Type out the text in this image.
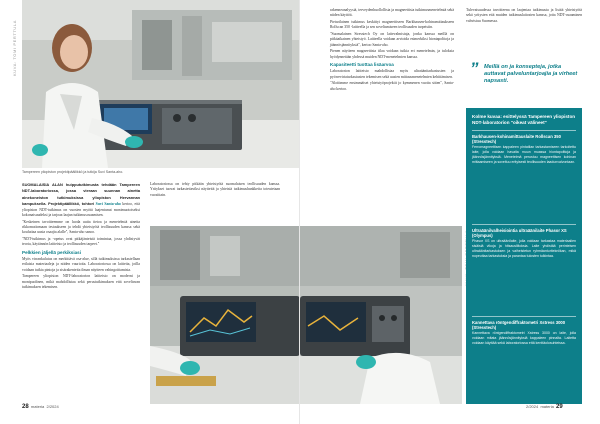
KUVA: TOMI PERTTULA
Tampereen yliopiston projektipäällikkö ja tutkija Suvi Santa-aho.

SUOMALAISIA ALAN huippututkimusta tehdään Tampereen NDT-laboratoriossa, jossa vieraan suunnan ainetta ainekoneiston tutkimuksissa yliopiston Hervannan kampuksella. Projektipäällikkö, tohtori Suvi Santa-aho kertoo, että yliopiston NDT-tutkimus on vuosien myötä laajentunut monimuotoiseksi kokonaisuudeksi ja tarjoaa laajan tutkimusosaamisen.

"Keskeinen tavoitteemme on luoda uutta tietoa ja menetelmiä ainetta rikkomattomaan testaukseen ja tehdä yhteistyötä teollisuuden kanssa sekä kouluttaa uusia osaajia alalle", Santa-aho sanoo.

"NDT-tutkimus ja -opetus ovat pitkäjänteistä toimintaa, jossa yhdistyvät teoria, käytännön laitteisto ja teollisuuden tarpeet."

Pelkkien jäljellä perkiksiasi

Myös virrankulutus on merkittävä osa-alue, sillä tutkimuksissa tarkastellaan erilaisia materiaaleja ja niiden vaurioita. Laboratoriossa on laitteita, joilla voidaan tutkia pintoja ja sisärakenteita ilman näytteen vahingoittamista.

Tampereen yliopiston NDT-laboratorion laitteisto on moderni ja monipuolinen, mikä mahdollistaa sekä perustutkimuksen että soveltavan tutkimuksen tekemisen.

Laboratoriossa on tehty pitkään yhteistyötä suomalaisen teollisuuden kanssa. Yritykset tuovat tarkastettaviksi näytteitä ja yhteisiä tutkimushankkeita toteutetaan vuosittain.

28 materia 2/2024

rakenneanalyysiä, terveydenhuollollisia ja magneettisia tutkimusmenetelmiä sekä niiden käyttöä.

Pietarilainen tutkimus keskittyi magneettiseen Barkhausen-kohinamittaukseen Rollscan 350 -laitteella ja sen soveltamiseen teollisuuden tarpeisiin.

"Suomalainen Stresstech Oy on laitevalmistaja, jonka kanssa meillä on pitkäaikainen yhteistyö. Laitteella voidaan arvioida esimerkiksi hiontapolttoja ja jäännösjännityksiä", kertoo Santa-aho.

Pienen näytteen magneettista tilaa voidaan tutkia eri menetelmin, ja tuloksia hyödynnetään yhdessä muiden NDT-menetelmien kanssa.

Kapasiteetti tuottaa lisäarvoa

Laboratorion laitteisto mahdollistaa myös ultraäänitarkastusten ja pyörrevirtatarkastusten tekemisen sekä uusien mittausmenetelmien kehittämisen.

"Aloitimme ensimmäiset yhteistyöprojektit jo kymmenen vuotta sitten", Santa-aho kertoo.

Tulevaisuudessa tavoitteena on laajentaa tutkimusta ja lisätä yhteistyötä sekä yritysten että muiden tutkimuslaitosten kanssa, jotta NDT-osaaminen vahvistuu Suomessa.

” Meillä on ja konsepteja, jotka auttavat palveluntarjoajia ja virheet napsasti.
Kolme kuvaa: esittelyssä Tampereen yliopiston NDT-laboratorion "oikeat välineet"
Barkhausen-kohinamittauslaite Rollscan 350 (Stresstech)
Ferromagneettisen kappaleen pintatilan tarkastamiseen tarkoitettu laite, jolla voidaan havaita muun muassa hiontapolttoja ja jäännösjännityksiä. Menetelmä perustuu magneettisen kohinan mittaamiseen ja soveltuu erityisesti teollisuuden laadunvalvontaan.
Ultraääni/valheisiointia ultraäänilaite Phasor XS (Olympus)
Phasor XS on ultraäänilaite, jolla voidaan tarkastaa materiaalien sisäisiä vikoja ja hitsausliitoksia. Laite yhdistää perinteisen ultraäänitarkastuksen ja vaiheistetun ryhmäanturitekniikan, mikä nopeuttaa tarkastuksia ja parantaa tulosten tulkintaa.
Kannettava röntgendiffraktometri Xstress 3000 (Stresstech)
Kannettava röntgendiffraktometri Xstress 3000 on laite, jolla voidaan mitata jäännösjännityksiä kappaleen pinnalta. Laitetta voidaan käyttää sekä laboratoriossa että kenttäolosuhteissa.
2/2024 materia 29
